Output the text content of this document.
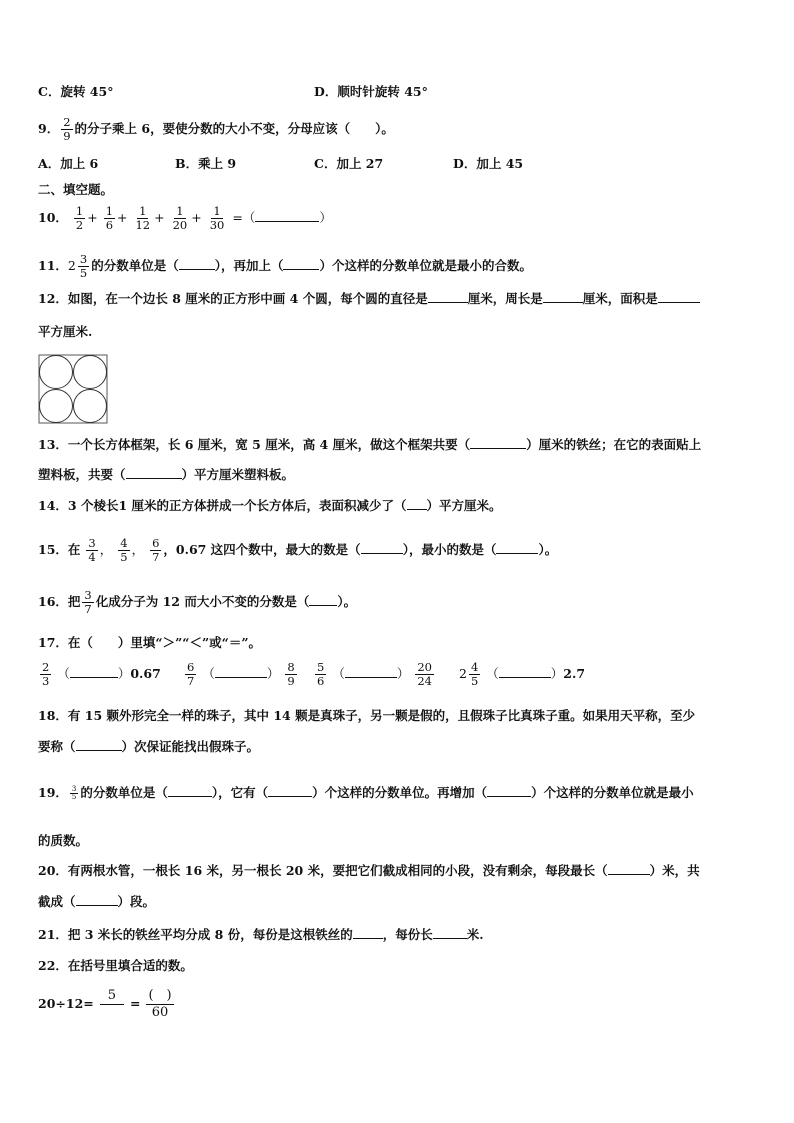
C．旋转 45°	D．顺时针旋转 45°
9． $\frac{2}{9}$ 的分子乘上 6，要使分数的大小不变，分母应该（　　）。
A．加上 6	B．乘上 9	C．加上 27	D．加上 45
二、填空题。
10． $\frac{1}{2} + \frac{1}{6} + \frac{1}{12} + \frac{1}{20} + \frac{1}{30}$ =（	）
11．$2 \frac{3}{5}$ 的分数单位是（	），再加上（	）个这样的分数单位就是最小的合数。
12．如图，在一个边长 8 厘米的正方形中画 4 个圆，每个圆的直径是	厘米，周长是	厘米，面积是
平方厘米.
13．一个长方体框架，长 6 厘米，宽 5 厘米，高 4 厘米，做这个框架共要（	）厘米的铁丝；在它的表面贴上
塑料板，共要（	）平方厘米塑料板。
14．3 个棱长1 厘米的正方体拼成一个长方体后，表面积减少了（ ）平方厘米。
15．在 $\frac{3}{4}$ ， $\frac{4}{5}$ ， $\frac{6}{7}$ ，0.67 这四个数中，最大的数是（	），最小的数是（	）。
16．把 $\frac{3}{7}$ 化成分子为 12 而大小不变的分数是（ ）。
17．在（　　）里填“＞”“＜”或“＝”。
$\frac{2}{3}$ （	）$0.67 \frac{6}{7}$ （	） $\frac{8}{9} \frac{5}{6}$ （	） $\frac{20}{24} 2 \frac{4}{5}$ （	）2.7
18．有 15 颗外形完全一样的珠子，其中 14 颗是真珠子，另一颗是假的，且假珠子比真珠子重。如果用天平称，至少
要称（	）次保证能找出假珠子。
19． $\frac{3}{5}$ 的分数单位是（	），它有（	）个这样的分数单位。再增加（	）个这样的分数单位就是最小
的质数。
20．有两根水管，一根长 16 米，另一根长 20 米，要把它们截成相同的小段，没有剩余，每段最长（	）米，共
截成（	）段。
21．把 3 米长的铁丝平均分成 8 份，每份是这根铁丝的 ，每份长	米.
22．在括号里填合适的数。
20÷12=
5
= $\frac{( )}{60}$
